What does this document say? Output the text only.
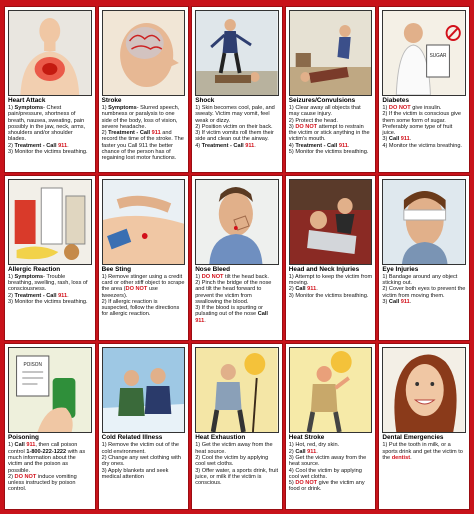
Heart Attack
1) Symptoms- Chest pain/pressure, shortness of breath, nausea, sweating, pain possibly in the jaw, neck, arms, shoulders and/or shoulder blades.
2) Treatment - Call 911.
3) Monitor the victims breathing.
Stroke
1) Symptoms- Slurred speech, numbness or paralysis to one side of the body, loss of vision, severe headache.
2) Treatment - Call 911 and record the time of the stroke. The faster you Call 911 the better chance of the person has of regaining lost motor functions.
Shock
1) Skin becomes cool, pale, and sweaty. Victim may vomit, feel weak or dizzy.
2) Position victim on their back.
3) If victim vomits roll them their side and clean out the airway.
4) Treatment - Call 911.
Seizures/Convulsions
1) Clear away all objects that may cause injury.
2) Protect the head.
3) DO NOT attempt to restrain the victim or stick anything in the victim's mouth.
4) Treatment - Call 911.
5) Monitor the victims breathing.
SUGAR
Diabetes
1) DO NOT give insulin.
2) If the victim is conscious give them some form of sugar. Preferably some type of fruit juice.
3) Call 911.
4) Monitor the victims breathing.
Allergic Reaction
1) Symptoms- Trouble breathing, swelling, rash, loss of consciousness.
2) Treatment - Call 911.
3) Monitor the victims breathing.
Bee Sting
1) Remove stinger using a credit card or other stiff object to scrape the area (DO NOT use tweezers).
2) If allergic reaction is suspected, follow the directions for allergic reaction.
Nose Bleed
1) DO NOT tilt the head back.
2) Pinch the bridge of the nose and tilt the head forward to prevent the victim from swallowing the blood.
3) If the blood is spurting or pulsating out of the nose Call 911.
Head and Neck Injuries
1) Attempt to keep the victim from moving.
2) Call 911.
3) Monitor the victims breathing.
Eye Injuries
1) Bandage around any object sticking out.
2) Cover both eyes to prevent the victim from moving them.
3) Call 911.
POISON
Poisoning
1) Call 911, then call poison control 1-800-222-1222 with as much information about the victim and the poison as possible.
2) DO NOT induce vomiting unless instructed by poison control.
Cold Related Illness
1) Remove the victim out of the cold environment.
2) Change any wet clothing with dry ones.
3) Apply blankets and seek medical attention
Heat Exhaustion
1) Get the victim away from the heat source.
2) Cool the victim by applying cool wet cloths.
3) Offer water, a sports drink, fruit juice, or milk if the victim is conscious.
Heat Stroke
1) Hot, red, dry skin.
2) Call 911.
3) Get the victim away from the heat source.
4) Cool the victim by applying cool wet cloths.
5) DO NOT give the victim any food or drink.
Dental Emergencies
1) Put the tooth in milk, or a sports drink and get the victim to the dentist.
